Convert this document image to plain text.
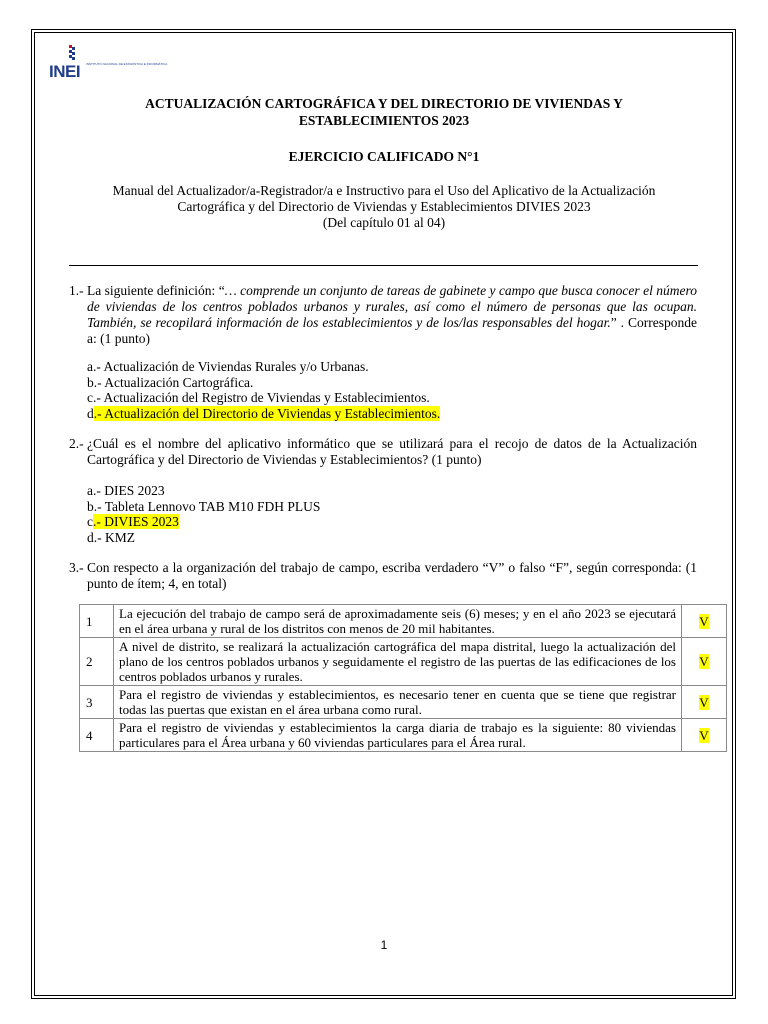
INEI INSTITUTO NACIONAL DE ESTADÍSTICA E INFORMÁTICA
ACTUALIZACIÓN CARTOGRÁFICA Y DEL DIRECTORIO DE VIVIENDAS Y
ESTABLECIMIENTOS 2023
EJERCICIO CALIFICADO N°1
Manual del Actualizador/a-Registrador/a e Instructivo para el Uso del Aplicativo de la Actualización
Cartográfica y del Directorio de Viviendas y Establecimientos DIVIES 2023
(Del capítulo 01 al 04)
1.- La siguiente definición: “… comprende un conjunto de tareas de gabinete y campo que busca conocer el número de viviendas de los centros poblados urbanos y rurales, así como el número de personas que las ocupan. También, se recopilará información de los establecimientos y de los/las responsables del hogar.” . Corresponde a: (1 punto)
a.- Actualización de Viviendas Rurales y/o Urbanas.
b.- Actualización Cartográfica.
c.- Actualización del Registro de Viviendas y Establecimientos.
d.- Actualización del Directorio de Viviendas y Establecimientos.
2.- ¿Cuál es el nombre del aplicativo informático que se utilizará para el recojo de datos de la Actualización Cartográfica y del Directorio de Viviendas y Establecimientos? (1 punto)
a.- DIES 2023
b.- Tableta Lennovo TAB M10 FDH PLUS
c.- DIVIES 2023
d.- KMZ
3.- Con respecto a la organización del trabajo de campo, escriba verdadero “V” o falso “F”, según corresponda: (1 punto de ítem; 4, en total)
1	La ejecución del trabajo de campo será de aproximadamente seis (6) meses; y en el año 2023 se ejecutará en el área urbana y rural de los distritos con menos de 20 mil habitantes.	V
2	A nivel de distrito, se realizará la actualización cartográfica del mapa distrital, luego la actualización del plano de los centros poblados urbanos y seguidamente el registro de las puertas de las edificaciones de los centros poblados urbanos y rurales.	V
3	Para el registro de viviendas y establecimientos, es necesario tener en cuenta que se tiene que registrar todas las puertas que existan en el área urbana como rural.	V
4	Para el registro de viviendas y establecimientos la carga diaria de trabajo es la siguiente: 80 viviendas particulares para el Área urbana y 60 viviendas particulares para el Área rural.	V
1
